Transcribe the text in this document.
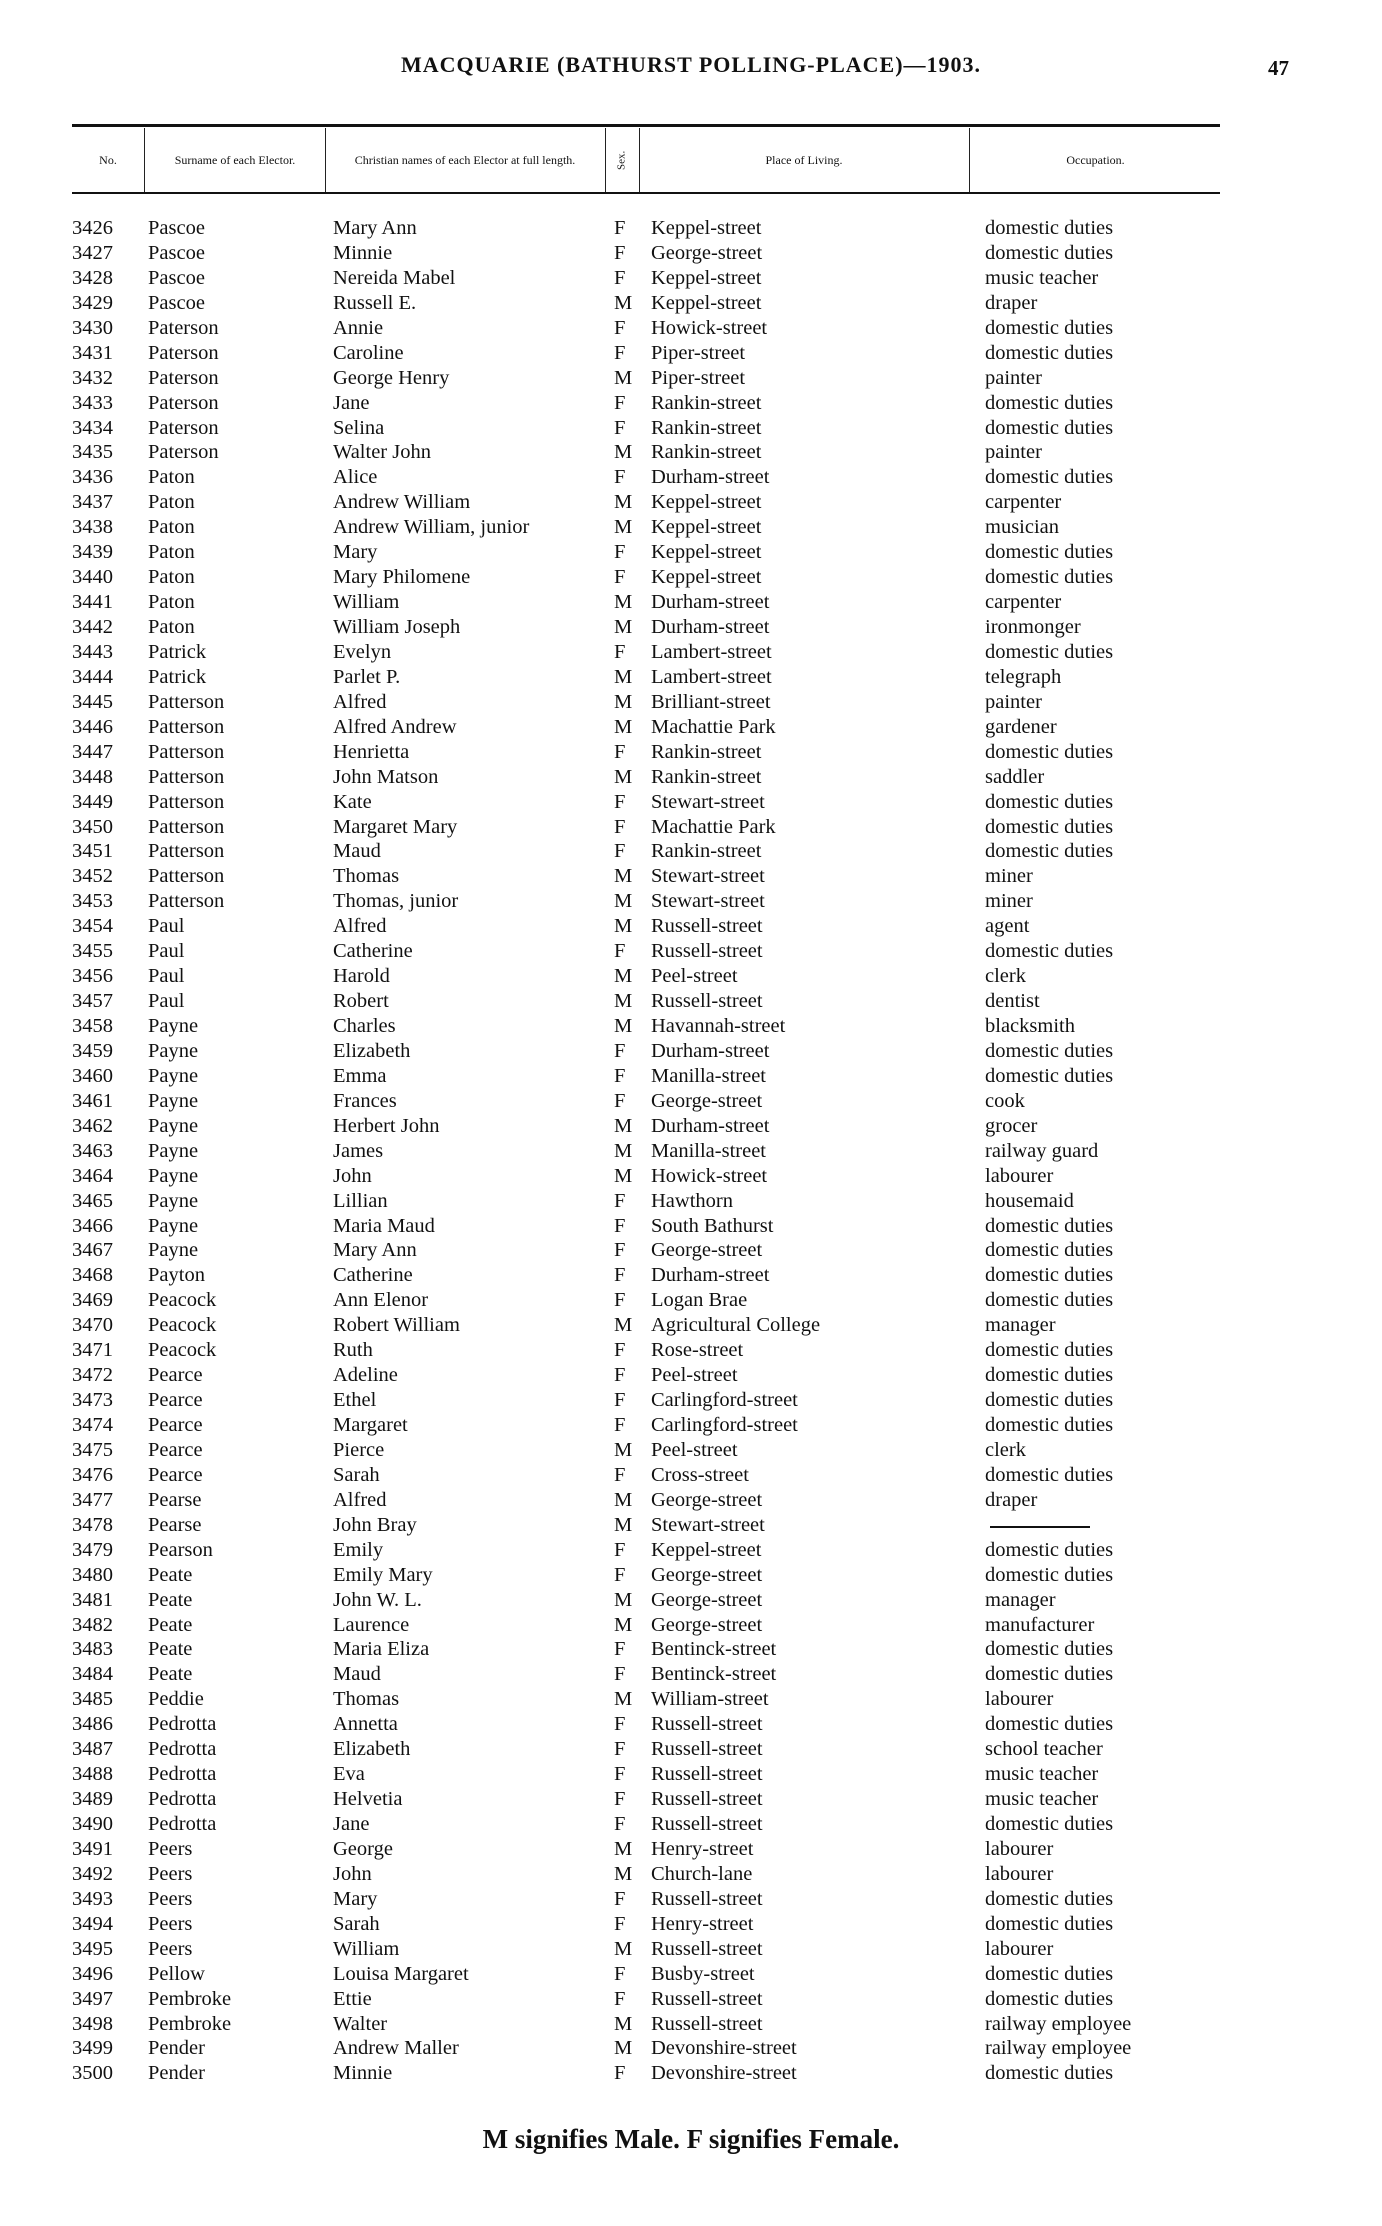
MACQUARIE (BATHURST POLLING-PLACE)—1903.	47
No.	Surname of each Elector.	Christian names of each Elector at full length.	Sex.	Place of Living.	Occupation.
3426 Pascoe	Mary Ann	F Keppel-street	domestic duties
3427 Pascoe	Minnie	F George-street	domestic duties
3428 Pascoe	Nereida Mabel	F Keppel-street	music teacher
3429 Pascoe	Russell E.	M Keppel-street	draper
3430 Paterson	Annie	F Howick-street	domestic duties
3431 Paterson	Caroline	F Piper-street	domestic duties
3432 Paterson	George Henry	M Piper-street	painter
3433 Paterson	Jane	F Rankin-street	domestic duties
3434 Paterson	Selina	F Rankin-street	domestic duties
3435 Paterson	Walter John	M Rankin-street	painter
3436 Paton	Alice	F Durham-street	domestic duties
3437 Paton	Andrew William	M Keppel-street	carpenter
3438 Paton	Andrew William, junior	M Keppel-street	musician
3439 Paton	Mary	F Keppel-street	domestic duties
3440 Paton	Mary Philomene	F Keppel-street	domestic duties
3441 Paton	William	M Durham-street	carpenter
3442 Paton	William Joseph	M Durham-street	ironmonger
3443 Patrick	Evelyn	F Lambert-street	domestic duties
3444 Patrick	Parlet P.	M Lambert-street	telegraph
3445 Patterson	Alfred	M Brilliant-street	painter
3446 Patterson	Alfred Andrew	M Machattie Park	gardener
3447 Patterson	Henrietta	F Rankin-street	domestic duties
3448 Patterson	John Matson	M Rankin-street	saddler
3449 Patterson	Kate	F Stewart-street	domestic duties
3450 Patterson	Margaret Mary	F Machattie Park	domestic duties
3451 Patterson	Maud	F Rankin-street	domestic duties
3452 Patterson	Thomas	M Stewart-street	miner
3453 Patterson	Thomas, junior	M Stewart-street	miner
3454 Paul	Alfred	M Russell-street	agent
3455 Paul	Catherine	F Russell-street	domestic duties
3456 Paul	Harold	M Peel-street	clerk
3457 Paul	Robert	M Russell-street	dentist
3458 Payne	Charles	M Havannah-street	blacksmith
3459 Payne	Elizabeth	F Durham-street	domestic duties
3460 Payne	Emma	F Manilla-street	domestic duties
3461 Payne	Frances	F George-street	cook
3462 Payne	Herbert John	M Durham-street	grocer
3463 Payne	James	M Manilla-street	railway guard
3464 Payne	John	M Howick-street	labourer
3465 Payne	Lillian	F Hawthorn	housemaid
3466 Payne	Maria Maud	F South Bathurst	domestic duties
3467 Payne	Mary Ann	F George-street	domestic duties
3468 Payton	Catherine	F Durham-street	domestic duties
3469 Peacock	Ann Elenor	F Logan Brae	domestic duties
3470 Peacock	Robert William	M Agricultural College	manager
3471 Peacock	Ruth	F Rose-street	domestic duties
3472 Pearce	Adeline	F Peel-street	domestic duties
3473 Pearce	Ethel	F Carlingford-street	domestic duties
3474 Pearce	Margaret	F Carlingford-street	domestic duties
3475 Pearce	Pierce	M Peel-street	clerk
3476 Pearce	Sarah	F Cross-street	domestic duties
3477 Pearse	Alfred	M George-street	draper
3478 Pearse	John Bray	M Stewart-street
3479 Pearson	Emily	F Keppel-street	domestic duties
3480 Peate	Emily Mary	F George-street	domestic duties
3481 Peate	John W. L.	M George-street	manager
3482 Peate	Laurence	M George-street	manufacturer
3483 Peate	Maria Eliza	F Bentinck-street	domestic duties
3484 Peate	Maud	F Bentinck-street	domestic duties
3485 Peddie	Thomas	M William-street	labourer
3486 Pedrotta	Annetta	F Russell-street	domestic duties
3487 Pedrotta	Elizabeth	F Russell-street	school teacher
3488 Pedrotta	Eva	F Russell-street	music teacher
3489 Pedrotta	Helvetia	F Russell-street	music teacher
3490 Pedrotta	Jane	F Russell-street	domestic duties
3491 Peers	George	M Henry-street	labourer
3492 Peers	John	M Church-lane	labourer
3493 Peers	Mary	F Russell-street	domestic duties
3494 Peers	Sarah	F Henry-street	domestic duties
3495 Peers	William	M Russell-street	labourer
3496 Pellow	Louisa Margaret	F Busby-street	domestic duties
3497 Pembroke	Ettie	F Russell-street	domestic duties
3498 Pembroke	Walter	M Russell-street	railway employee
3499 Pender	Andrew Maller	M Devonshire-street	railway employee
3500 Pender	Minnie	F Devonshire-street	domestic duties
M signifies Male. F signifies Female.
